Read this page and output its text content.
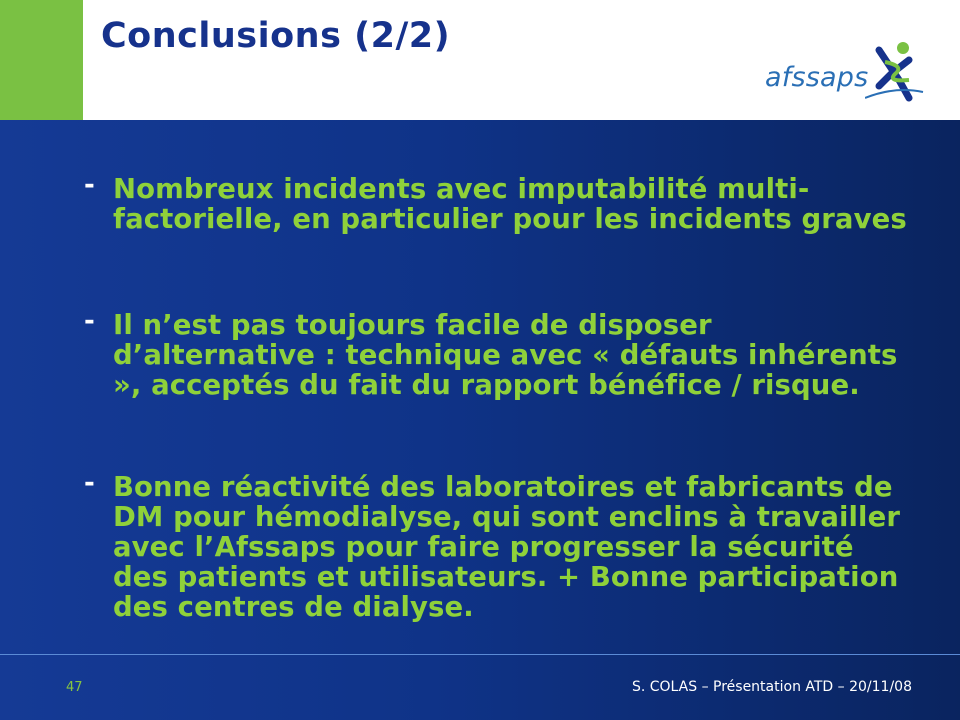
Conclusions (2/2)
afssaps
- Nombreux incidents avec imputabilité multi-factorielle, en particulier pour les incidents graves
- Il n’est pas toujours facile de disposer d’alternative : technique avec « défauts inhérents », acceptés du fait du rapport bénéfice / risque.
- Bonne réactivité des laboratoires et fabricants de DM pour hémodialyse, qui sont enclins à travailler avec l’Afssaps pour faire progresser la sécurité des patients et utilisateurs. + Bonne participation des centres de dialyse.
47	S. COLAS – Présentation ATD – 20/11/08
